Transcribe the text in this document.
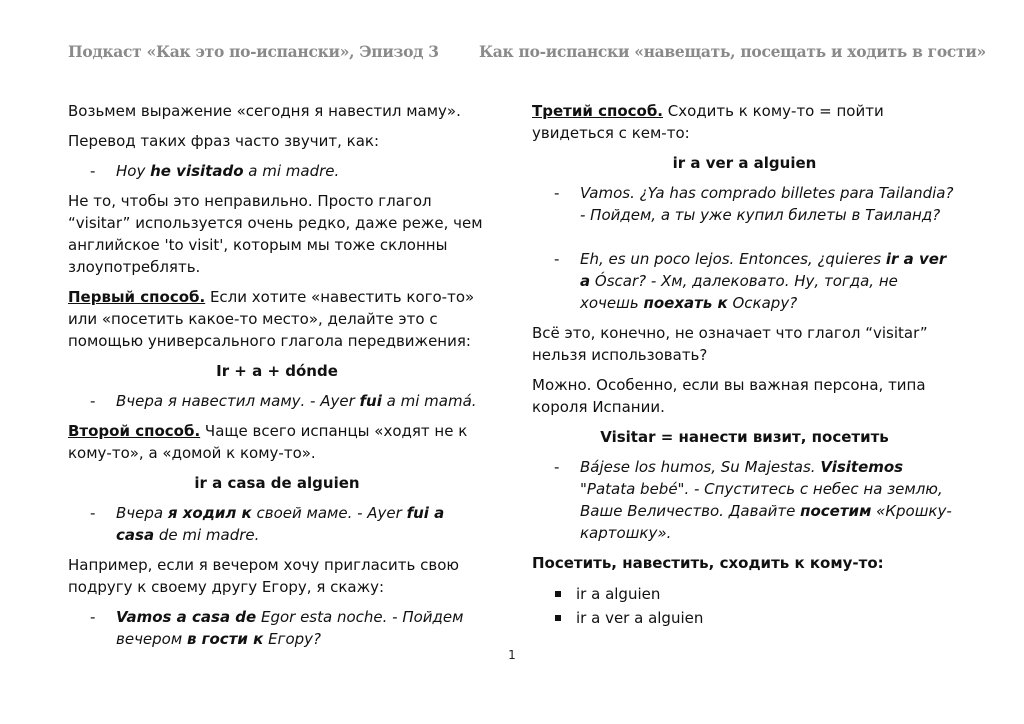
Подкаст «Как это по-испански», Эпизод 3	Как по-испански «навещать, посещать и ходить в гости»

Возьмем выражение «сегодня я навестил маму».

Перевод таких фраз часто звучит, как:

- Hoy he visitado a mi madre.

Не то, чтобы это неправильно. Просто глагол “visitar” используется очень редко, даже реже, чем английское 'to visit', которым мы тоже склонны злоупотреблять.

Первый способ. Если хотите «навестить кого-то» или «посетить какое-то место», делайте это с помощью универсального глагола передвижения:

Ir + a + dónde

- Вчера я навестил маму. - Ayer fui a mi mamá.

Второй способ. Чаще всего испанцы «ходят не к кому-то», а «домой к кому-то».

ir a casa de alguien

- Вчера я ходил к своей маме. - Ayer fui a casa de mi madre.

Например, если я вечером хочу пригласить свою подругу к своему другу Егору, я скажу:

- Vamos a casa de Egor esta noche. - Пойдем вечером в гости к Егору?

Третий способ. Сходить к кому-то = пойти увидеться с кем-то:

ir a ver a alguien

- Vamos. ¿Ya has comprado billetes para Tailandia? - Пойдем, а ты уже купил билеты в Таиланд?

- Eh, es un poco lejos. Entonces, ¿quieres ir a ver a Óscar? - Хм, далековато. Ну, тогда, не хочешь поехать к Оскару?

Всё это, конечно, не означает что глагол “visitar” нельзя использовать?

Можно. Особенно, если вы важная персона, типа короля Испании.

Visitar = нанести визит, посетить

- Bájese los humos, Su Majestas. Visitemos "Patata bebé". - Спуститесь с небес на землю, Ваше Величество. Давайте посетим «Крошку-картошку».

Посетить, навестить, сходить к кому-то:

ir a alguien
ir a ver a alguien
1
